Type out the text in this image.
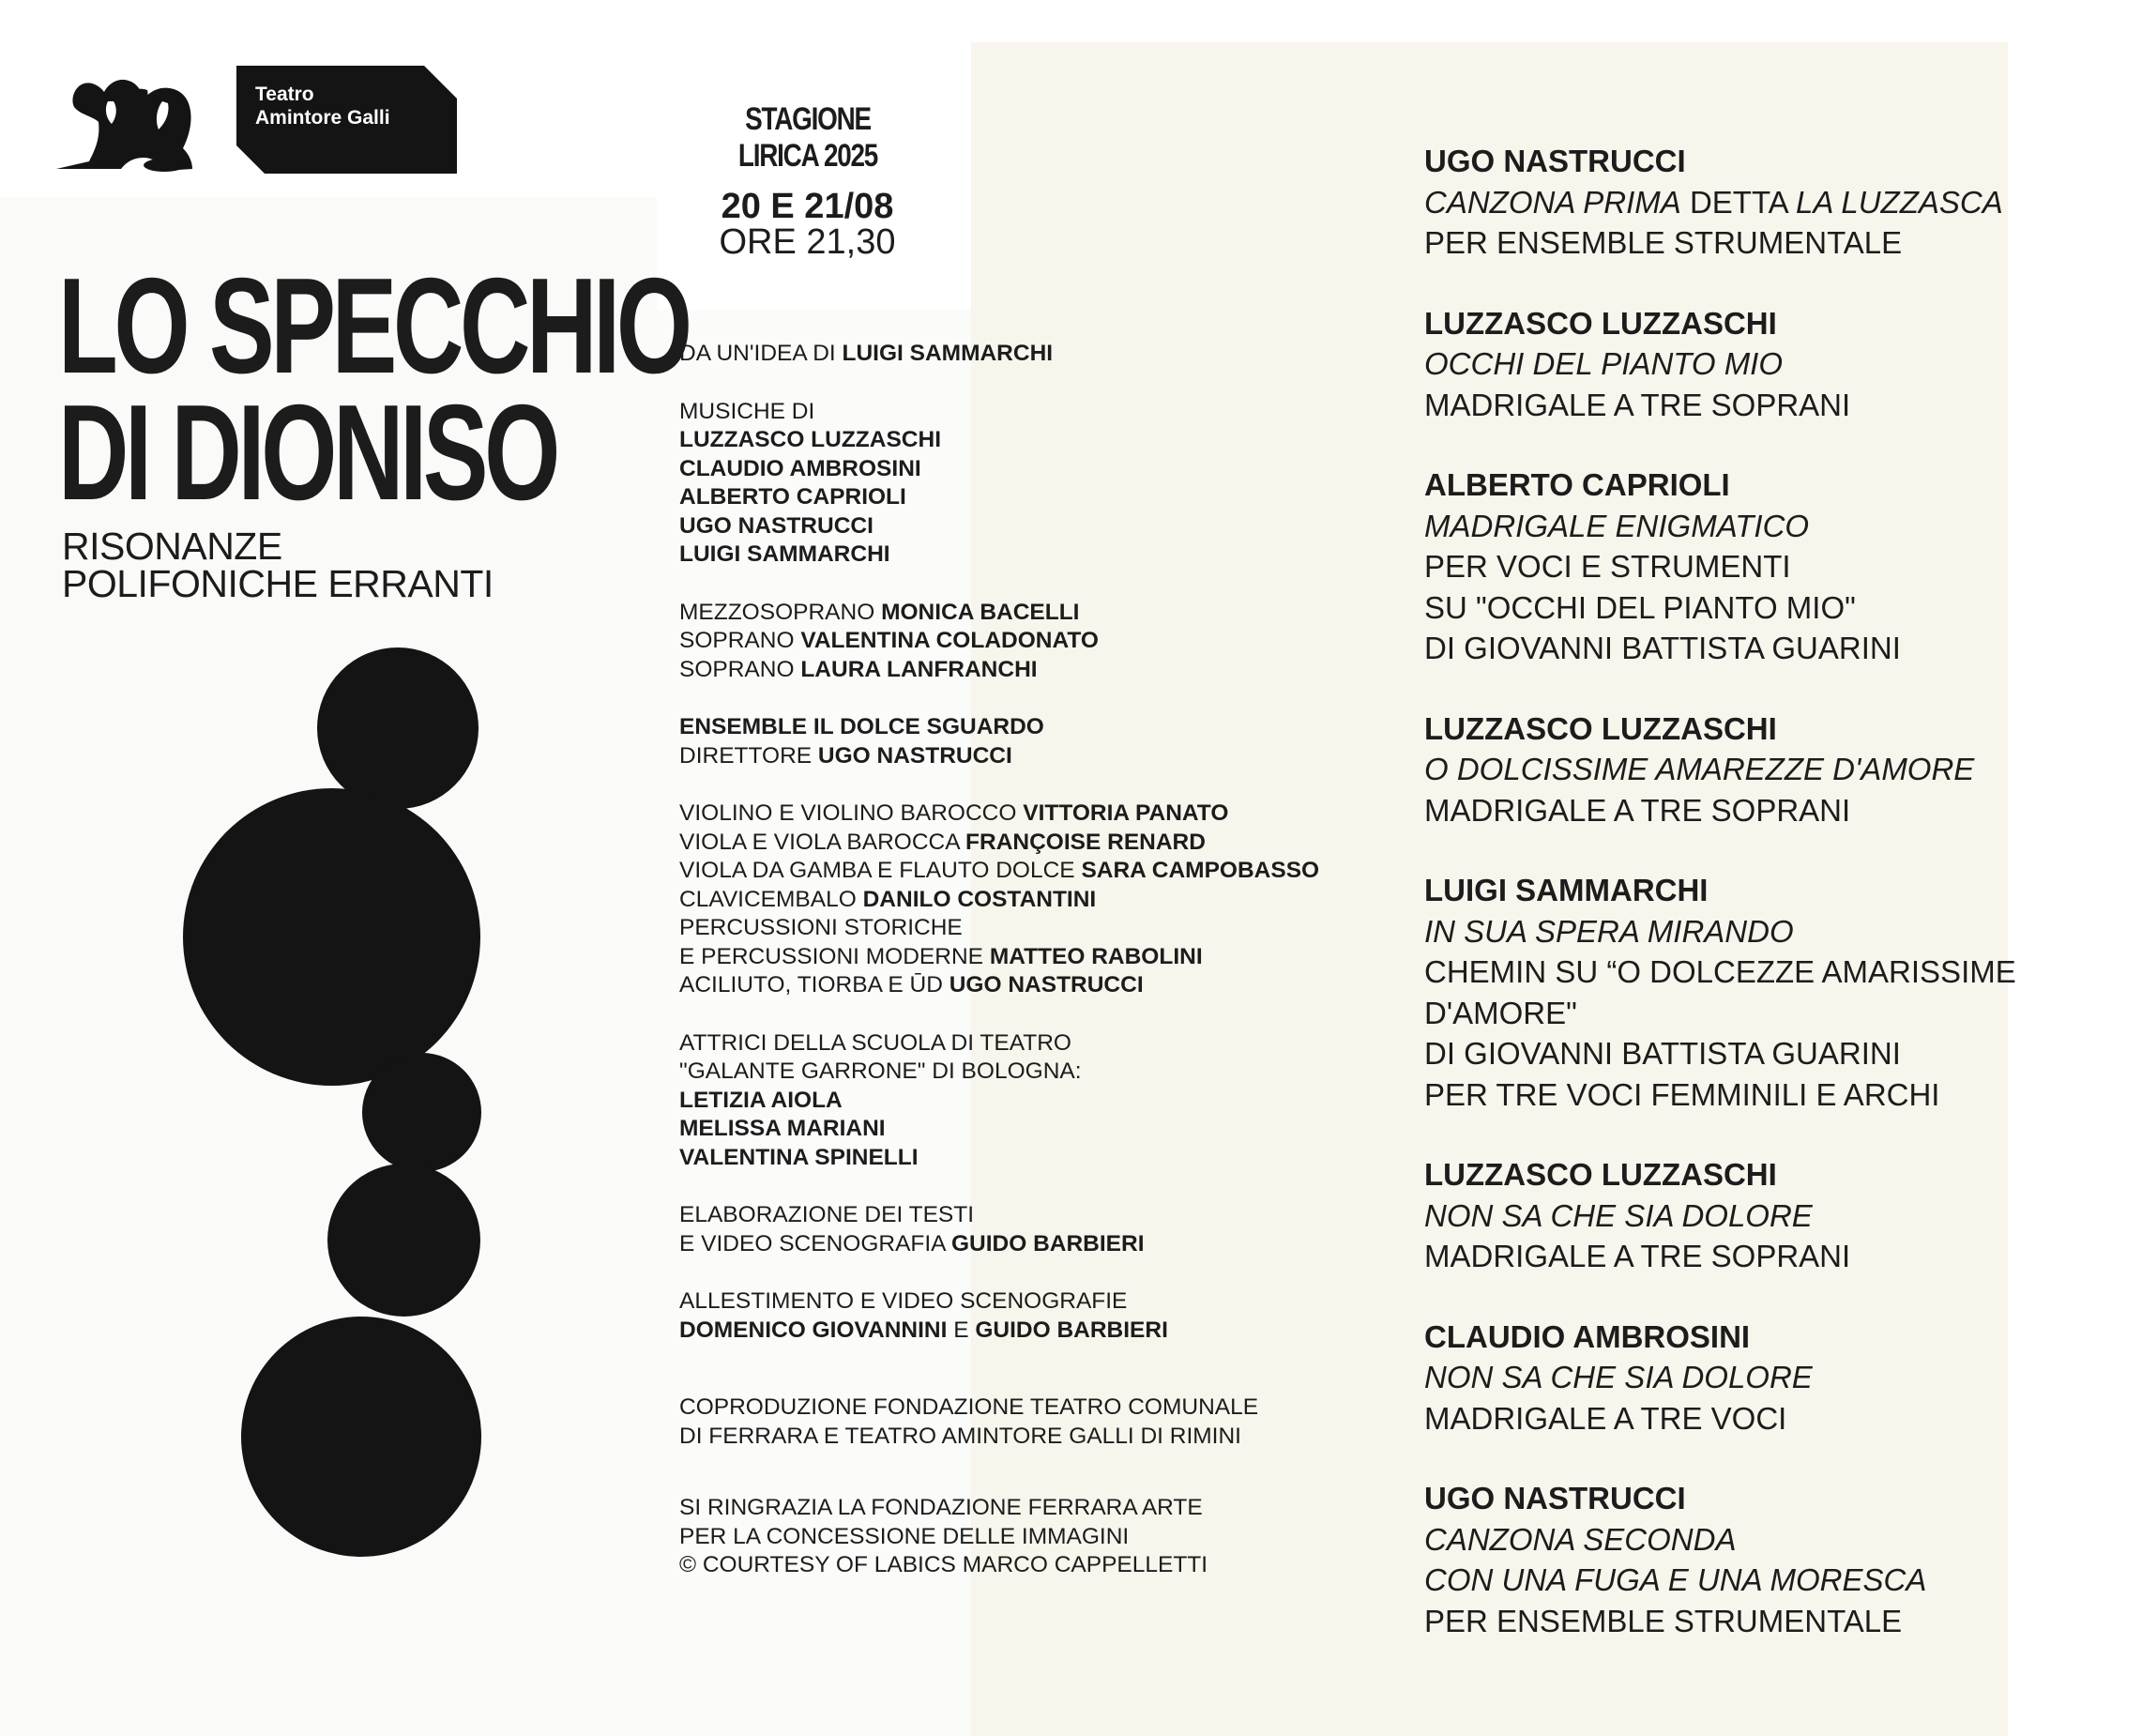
Teatro
Amintore Galli	STAGIONE LIRICA 2025
20 E 21/08
ORE 21,30
LO SPECCHIO
DI DIONISO
RISONANZE
POLIFONICHE ERRANTI
DA UN'IDEA DI LUIGI SAMMARCHI
MUSICHE DI
LUZZASCO LUZZASCHI
CLAUDIO AMBROSINI
ALBERTO CAPRIOLI
UGO NASTRUCCI
LUIGI SAMMARCHI
MEZZOSOPRANO MONICA BACELLI
SOPRANO VALENTINA COLADONATO
SOPRANO LAURA LANFRANCHI
ENSEMBLE IL DOLCE SGUARDO
DIRETTORE UGO NASTRUCCI
VIOLINO E VIOLINO BAROCCO VITTORIA PANATO
VIOLA E VIOLA BAROCCA FRANÇOISE RENARD
VIOLA DA GAMBA E FLAUTO DOLCE SARA CAMPOBASSO
CLAVICEMBALO DANILO COSTANTINI
PERCUSSIONI STORICHE
E PERCUSSIONI MODERNE MATTEO RABOLINI
ACILIUTO, TIORBA E ŪD UGO NASTRUCCI
ATTRICI DELLA SCUOLA DI TEATRO
"GALANTE GARRONE" DI BOLOGNA:
LETIZIA AIOLA
MELISSA MARIANI
VALENTINA SPINELLI
ELABORAZIONE DEI TESTI
E VIDEO SCENOGRAFIA GUIDO BARBIERI
ALLESTIMENTO E VIDEO SCENOGRAFIE
DOMENICO GIOVANNINI E GUIDO BARBIERI
COPRODUZIONE FONDAZIONE TEATRO COMUNALE
DI FERRARA E TEATRO AMINTORE GALLI DI RIMINI
SI RINGRAZIA LA FONDAZIONE FERRARA ARTE
PER LA CONCESSIONE DELLE IMMAGINI
© COURTESY OF LABICS MARCO CAPPELLETTI
UGO NASTRUCCI
CANZONA PRIMA DETTA LA LUZZASCA
PER ENSEMBLE STRUMENTALE
LUZZASCO LUZZASCHI
OCCHI DEL PIANTO MIO
MADRIGALE A TRE SOPRANI
ALBERTO CAPRIOLI
MADRIGALE ENIGMATICO
PER VOCI E STRUMENTI
SU "OCCHI DEL PIANTO MIO"
DI GIOVANNI BATTISTA GUARINI
LUZZASCO LUZZASCHI
O DOLCISSIME AMAREZZE D'AMORE
MADRIGALE A TRE SOPRANI
LUIGI SAMMARCHI
IN SUA SPERA MIRANDO
CHEMIN SU “O DOLCEZZE AMARISSIME
D'AMORE"
DI GIOVANNI BATTISTA GUARINI
PER TRE VOCI FEMMINILI E ARCHI
LUZZASCO LUZZASCHI
NON SA CHE SIA DOLORE
MADRIGALE A TRE SOPRANI
CLAUDIO AMBROSINI
NON SA CHE SIA DOLORE
MADRIGALE A TRE VOCI
UGO NASTRUCCI
CANZONA SECONDA
CON UNA FUGA E UNA MORESCA
PER ENSEMBLE STRUMENTALE
